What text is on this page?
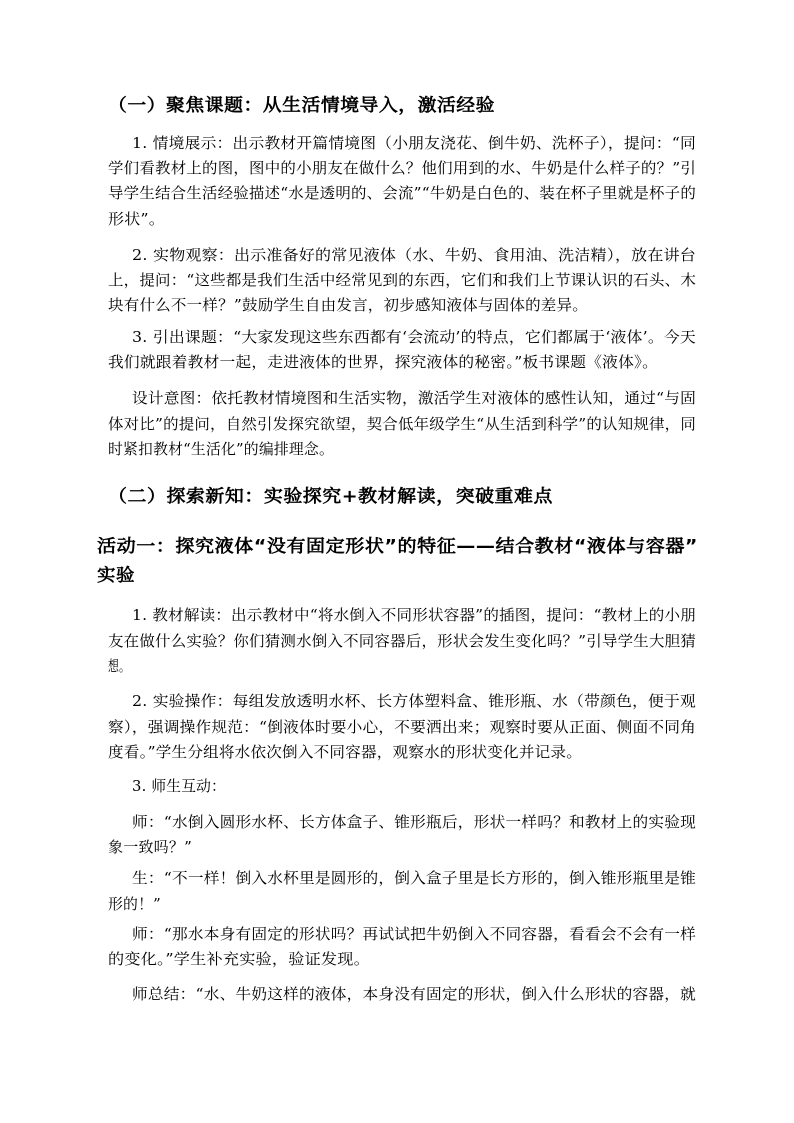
（一）聚焦课题：从生活情境导入，激活经验
1. 情境展示：出示教材开篇情境图（小朋友浇花、倒牛奶、洗杯子），提问：“同
学们看教材上的图，图中的小朋友在做什么？他们用到的水、牛奶是什么样子的？”引
导学生结合生活经验描述“水是透明的、会流”“牛奶是白色的、装在杯子里就是杯子的
形状”。
2. 实物观察：出示准备好的常见液体（水、牛奶、食用油、洗洁精），放在讲台
上，提问：“这些都是我们生活中经常见到的东西，它们和我们上节课认识的石头、木
块有什么不一样？”鼓励学生自由发言，初步感知液体与固体的差异。
3. 引出课题：“大家发现这些东西都有‘会流动’的特点，它们都属于‘液体’。今天
我们就跟着教材一起，走进液体的世界，探究液体的秘密。”板书课题《液体》。
设计意图：依托教材情境图和生活实物，激活学生对液体的感性认知，通过“与固
体对比”的提问，自然引发探究欲望，契合低年级学生“从生活到科学”的认知规律，同
时紧扣教材“生活化”的编排理念。
（二）探索新知：实验探究+教材解读，突破重难点
活动一：探究液体“没有固定形状”的特征——结合教材“液体与容器”
实验
1. 教材解读：出示教材中“将水倒入不同形状容器”的插图，提问：“教材上的小朋
友在做什么实验？你们猜测水倒入不同容器后，形状会发生变化吗？”引导学生大胆猜
想。
2. 实验操作：每组发放透明水杯、长方体塑料盒、锥形瓶、水（带颜色，便于观
察），强调操作规范：“倒液体时要小心，不要洒出来；观察时要从正面、侧面不同角
度看。”学生分组将水依次倒入不同容器，观察水的形状变化并记录。
3. 师生互动：
师：“水倒入圆形水杯、长方体盒子、锥形瓶后，形状一样吗？和教材上的实验现
象一致吗？”
生：“不一样！倒入水杯里是圆形的，倒入盒子里是长方形的，倒入锥形瓶里是锥
形的！”
师：“那水本身有固定的形状吗？再试试把牛奶倒入不同容器，看看会不会有一样
的变化。”学生补充实验，验证发现。
师总结：“水、牛奶这样的液体，本身没有固定的形状，倒入什么形状的容器，就
